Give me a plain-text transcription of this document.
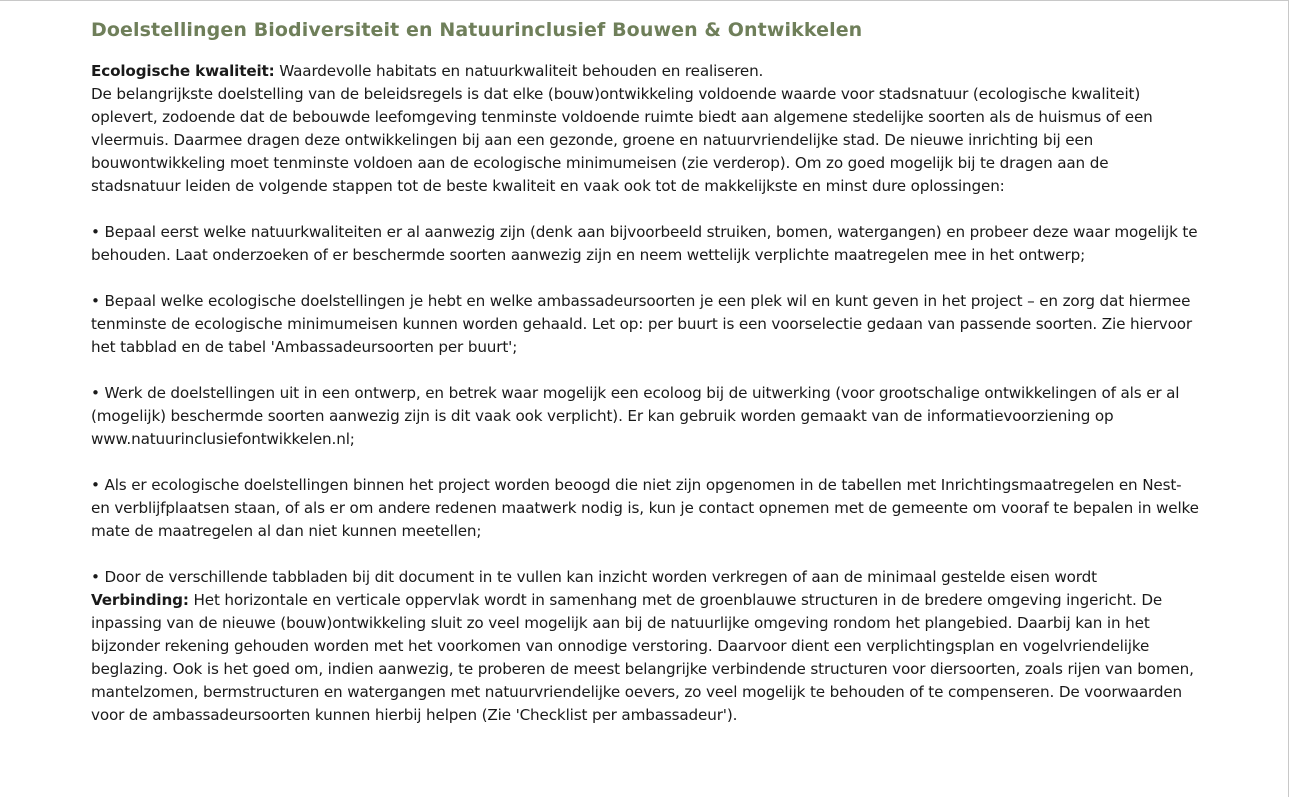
Doelstellingen Biodiversiteit en Natuurinclusief Bouwen & Ontwikkelen

Ecologische kwaliteit: Waardevolle habitats en natuurkwaliteit behouden en realiseren.

De belangrijkste doelstelling van de beleidsregels is dat elke (bouw)ontwikkeling voldoende waarde voor stadsnatuur (ecologische kwaliteit) oplevert, zodoende dat de bebouwde leefomgeving tenminste voldoende ruimte biedt aan algemene stedelijke soorten als de huismus of een vleermuis. Daarmee dragen deze ontwikkelingen bij aan een gezonde, groene en natuurvriendelijke stad. De nieuwe inrichting bij een bouwontwikkeling moet tenminste voldoen aan de ecologische minimumeisen (zie verderop). Om zo goed mogelijk bij te dragen aan de stadsnatuur leiden de volgende stappen tot de beste kwaliteit en vaak ook tot de makkelijkste en minst dure oplossingen:

• Bepaal eerst welke natuurkwaliteiten er al aanwezig zijn (denk aan bijvoorbeeld struiken, bomen, watergangen) en probeer deze waar mogelijk te behouden. Laat onderzoeken of er beschermde soorten aanwezig zijn en neem wettelijk verplichte maatregelen mee in het ontwerp;

• Bepaal welke ecologische doelstellingen je hebt en welke ambassadeursoorten je een plek wil en kunt geven in het project – en zorg dat hiermee tenminste de ecologische minimumeisen kunnen worden gehaald. Let op: per buurt is een voorselectie gedaan van passende soorten. Zie hiervoor het tabblad en de tabel 'Ambassadeursoorten per buurt';

• Werk de doelstellingen uit in een ontwerp, en betrek waar mogelijk een ecoloog bij de uitwerking (voor grootschalige ontwikkelingen of als er al (mogelijk) beschermde soorten aanwezig zijn is dit vaak ook verplicht). Er kan gebruik worden gemaakt van de informatievoorziening op www.natuurinclusiefontwikkelen.nl;

• Als er ecologische doelstellingen binnen het project worden beoogd die niet zijn opgenomen in de tabellen met Inrichtingsmaatregelen en Nest- en verblijfplaatsen staan, of als er om andere redenen maatwerk nodig is, kun je contact opnemen met de gemeente om vooraf te bepalen in welke mate de maatregelen al dan niet kunnen meetellen;

• Door de verschillende tabbladen bij dit document in te vullen kan inzicht worden verkregen of aan de minimaal gestelde eisen wordt

Verbinding: Het horizontale en verticale oppervlak wordt in samenhang met de groenblauwe structuren in de bredere omgeving ingericht. De inpassing van de nieuwe (bouw)ontwikkeling sluit zo veel mogelijk aan bij de natuurlijke omgeving rondom het plangebied. Daarbij kan in het bijzonder rekening gehouden worden met het voorkomen van onnodige verstoring. Daarvoor dient een verplichtingsplan en vogelvriendelijke beglazing. Ook is het goed om, indien aanwezig, te proberen de meest belangrijke verbindende structuren voor diersoorten, zoals rijen van bomen, mantelzomen, bermstructuren en watergangen met natuurvriendelijke oevers, zo veel mogelijk te behouden of te compenseren. De voorwaarden voor de ambassadeursoorten kunnen hierbij helpen (Zie 'Checklist per ambassadeur').
